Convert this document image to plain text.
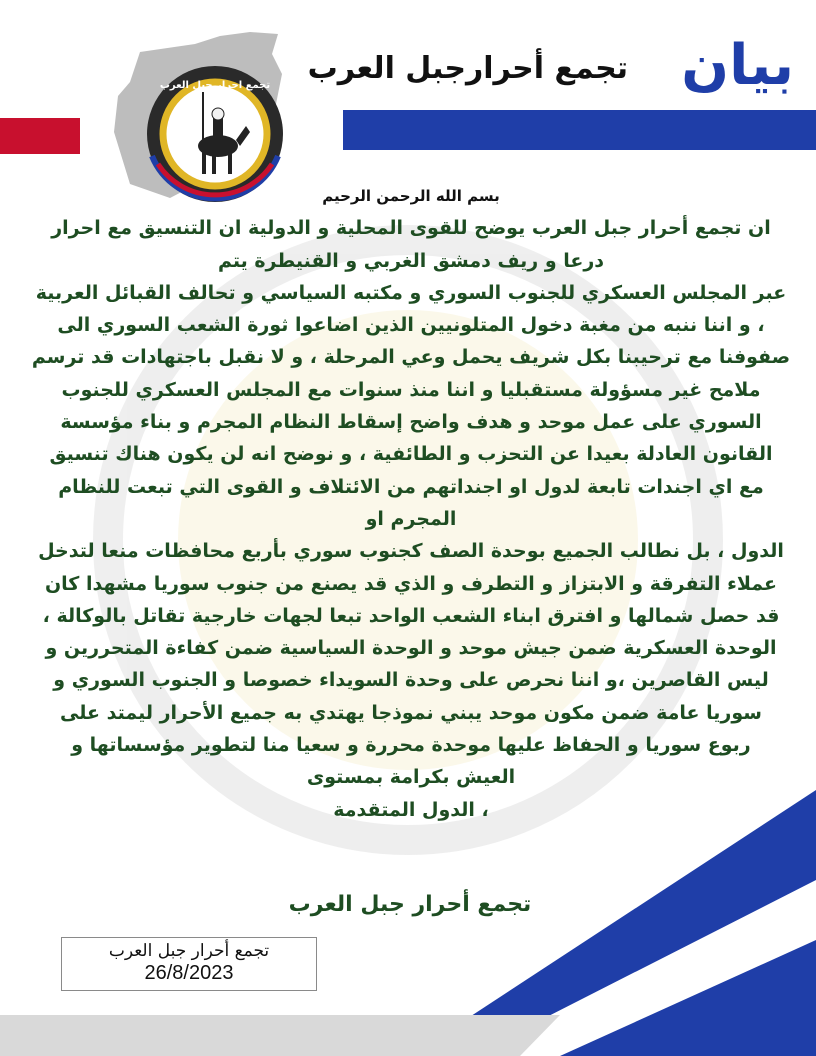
تجمع احرار جبل العرب	بيان
تجمع أحرارجبل العرب
بسم الله الرحمن الرحيم
ان تجمع أحرار جبل العرب يوضح للقوى المحلية و الدولية ان التنسيق مع احرار
درعا و ريف دمشق الغربي و القنيطرة يتم
عبر المجلس العسكري للجنوب السوري و مكتبه السياسي و تحالف القبائل العربية
، و اننا ننبه من مغبة دخول المتلونيين الذين اضاعوا ثورة الشعب السوري الى
صفوفنا مع ترحيبنا بكل شريف يحمل وعي المرحلة ، و لا نقبل باجتهادات قد ترسم
ملامح غير مسؤولة مستقبليا و اننا منذ سنوات مع المجلس العسكري للجنوب
السوري على عمل موحد و هدف واضح إسقاط النظام المجرم و بناء مؤسسة
القانون العادلة بعيدا عن التحزب و الطائفية ، و نوضح انه لن يكون هناك تنسيق
مع اي اجندات تابعة لدول او اجنداتهم من الائتلاف و القوى التي تبعت للنظام
المجرم او
الدول ، بل نطالب الجميع بوحدة الصف كجنوب سوري بأربع محافظات منعا لتدخل
عملاء التفرقة و الابتزاز و التطرف و الذي قد يصنع من جنوب سوريا مشهدا كان
قد حصل شمالها و افترق ابناء الشعب الواحد تبعا لجهات خارجية تقاتل بالوكالة ،
الوحدة العسكرية ضمن جيش موحد و الوحدة السياسية ضمن كفاءة المتحررين و
ليس القاصرين ،و اننا نحرص على وحدة السويداء خصوصا و الجنوب السوري و
سوريا عامة ضمن مكون موحد يبني نموذجا يهتدي به جميع الأحرار ليمتد على
ربوع سوريا و الحفاظ عليها موحدة محررة و سعيا منا لتطوير مؤسساتها و
العيش بكرامة بمستوى
، الدول المتقدمة
تجمع أحرار جبل العرب
تجمع أحرار جبل العرب
26/8/2023
